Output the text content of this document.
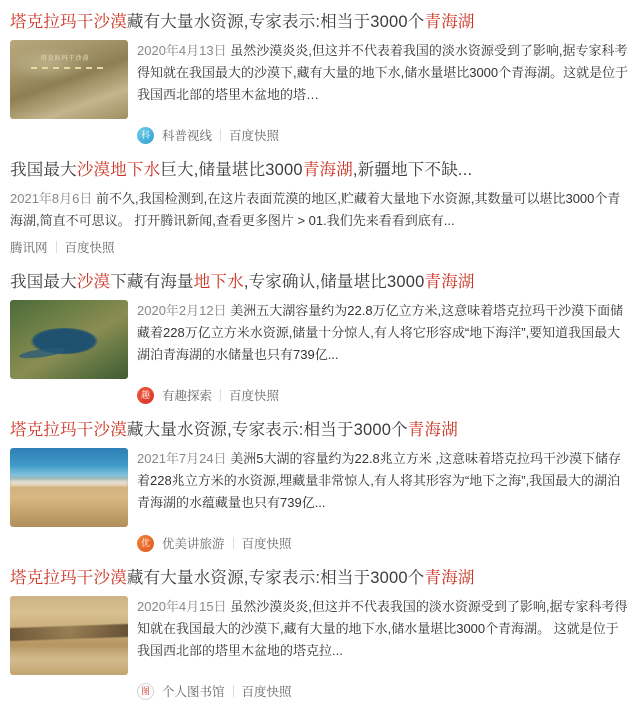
塔克拉玛干沙漠藏有大量水资源,专家表示:相当于3000个青海湖
塔克拉玛干沙漠
2020年4月13日 虽然沙漠炎炎,但这并不代表着我国的淡水资源受到了影响,据专家科考得知就在我国最大的沙漠下,藏有大量的地下水,储水量堪比3000个青海湖。这就是位于我国西北部的塔里木盆地的塔…
科
科普视线 百度快照
我国最大沙漠地下水巨大,储量堪比3000青海湖,新疆地下不缺...
2021年8月6日 前不久,我国检测到,在这片表面荒漠的地区,贮藏着大量地下水资源,其数量可以堪比3000个青海湖,简直不可思议。 打开腾讯新闻,查看更多图片 > 01.我们先来看看到底有...
腾讯网 百度快照
我国最大沙漠下藏有海量地下水,专家确认,储量堪比3000青海湖
2020年2月12日 美洲五大湖容量约为22.8万亿立方米,这意味着塔克拉玛干沙漠下面储藏着228万亿立方米水资源,储量十分惊人,有人将它形容成“地下海洋”,要知道我国最大湖泊青海湖的水储量也只有739亿...
趣
有趣探索 百度快照
塔克拉玛干沙漠藏大量水资源,专家表示:相当于3000个青海湖
2021年7月24日 美洲5大湖的容量约为22.8兆立方米 ,这意味着塔克拉玛干沙漠下储存着228兆立方米的水资源,埋藏量非常惊人,有人将其形容为“地下之海”,我国最大的湖泊青海湖的水蕴藏量也只有739亿...
优
优美讲旅游 百度快照
塔克拉玛干沙漠藏有大量水资源,专家表示:相当于3000个青海湖
2020年4月15日 虽然沙漠炎炎,但这并不代表我国的淡水资源受到了影响,据专家科考得知就在我国最大的沙漠下,藏有大量的地下水,储水量堪比3000个青海湖。 这就是位于我国西北部的塔里木盆地的塔克拉...
图
个人图书馆 百度快照
